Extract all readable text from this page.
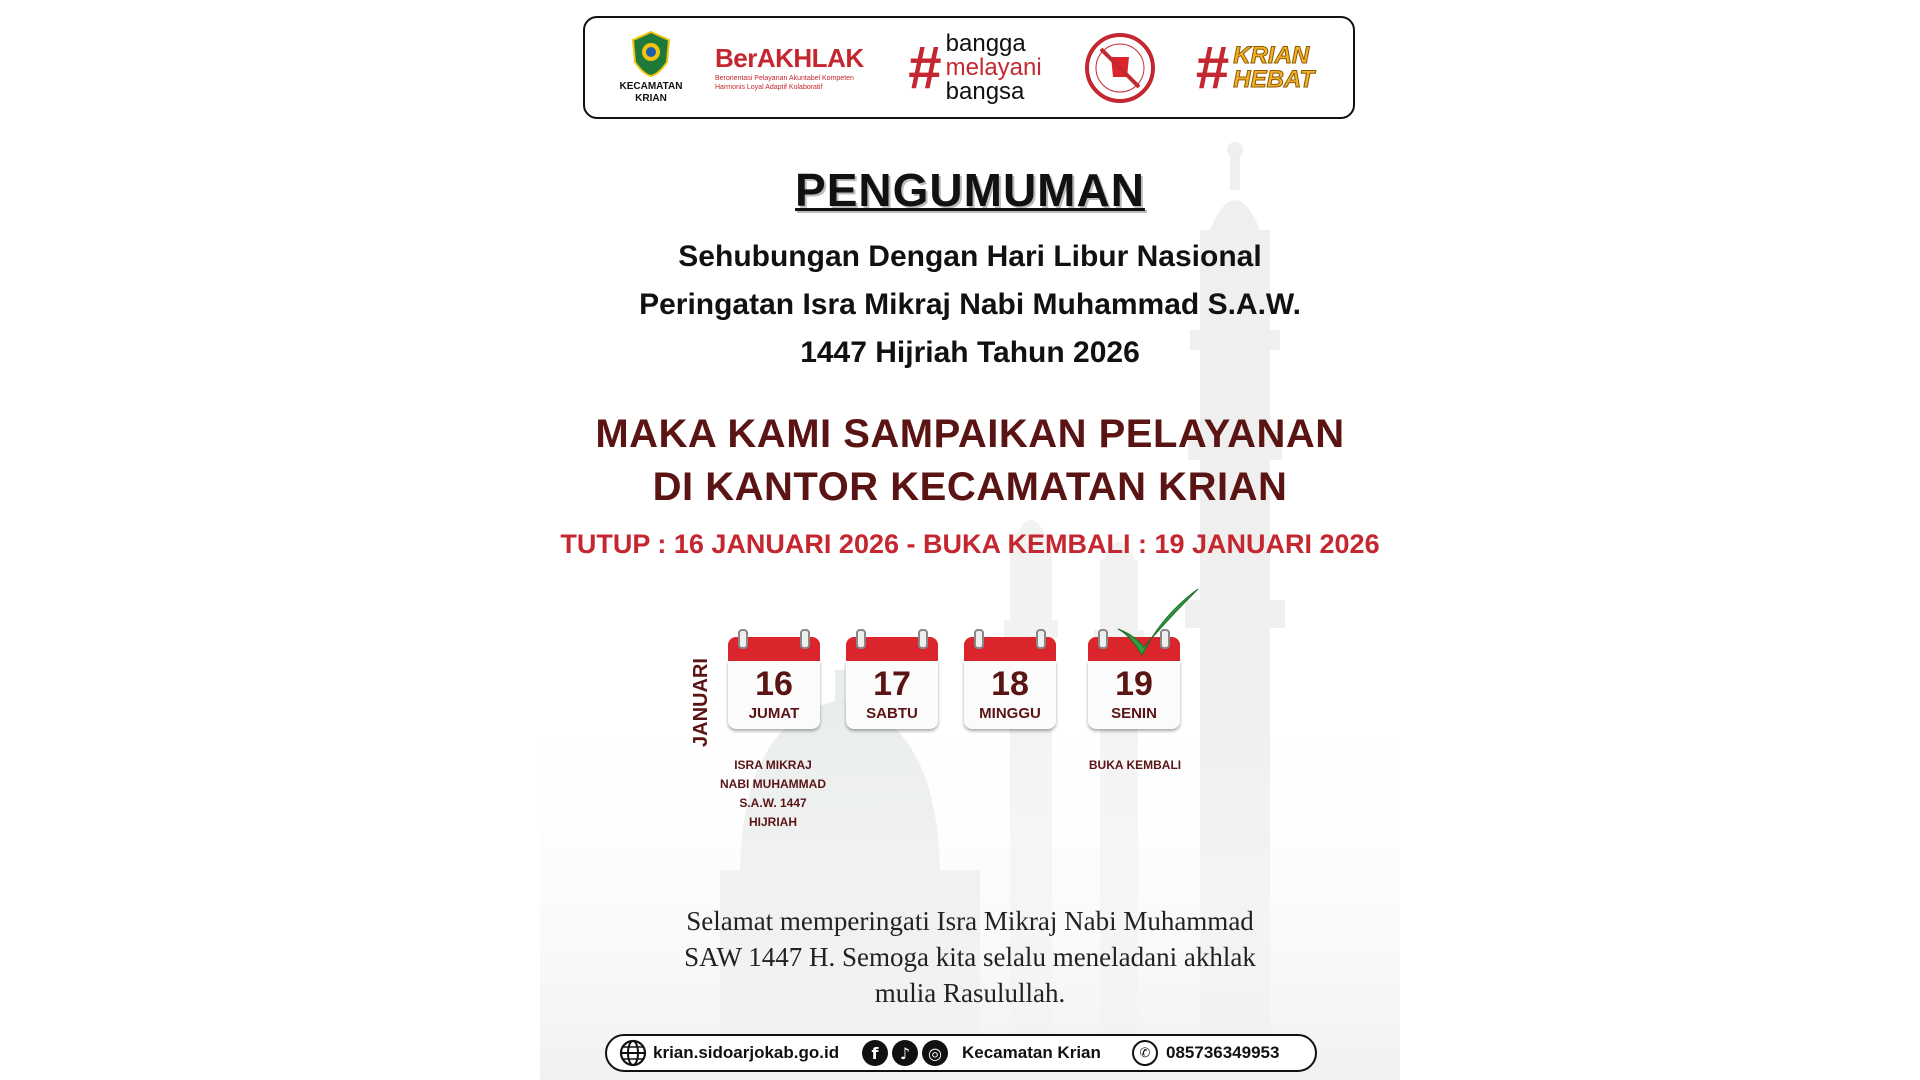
KECAMATAN
KRIAN
BerAKHLAK
Berorientasi Pelayanan Akuntabel Kompeten Harmonis Loyal Adaptif Kolaboratif	# bangga
melayani
bangsa	# KRIAN
HEBAT
PENGUMUMAN
Sehubungan Dengan Hari Libur Nasional
Peringatan Isra Mikraj Nabi Muhammad S.A.W.
1447 Hijriah Tahun 2026
MAKA KAMI SAMPAIKAN PELAYANAN
DI KANTOR KECAMATAN KRIAN
TUTUP : 16 JANUARI 2026 - BUKA KEMBALI : 19 JANUARI 2026
JANUARI	16
JUMAT
17
SABTU
18
MINGGU
19
SENIN
ISRA MIKRAJ
NABI MUHAMMAD
S.A.W. 1447
HIJRIAH
BUKA KEMBALI
Selamat memperingati Isra Mikraj Nabi Muhammad
SAW 1447 H. Semoga kita selalu meneladani akhlak
mulia Rasulullah.
krian.sidoarjokab.go.id	f	♪	◎	Kecamatan Krian	✆ 085736349953
